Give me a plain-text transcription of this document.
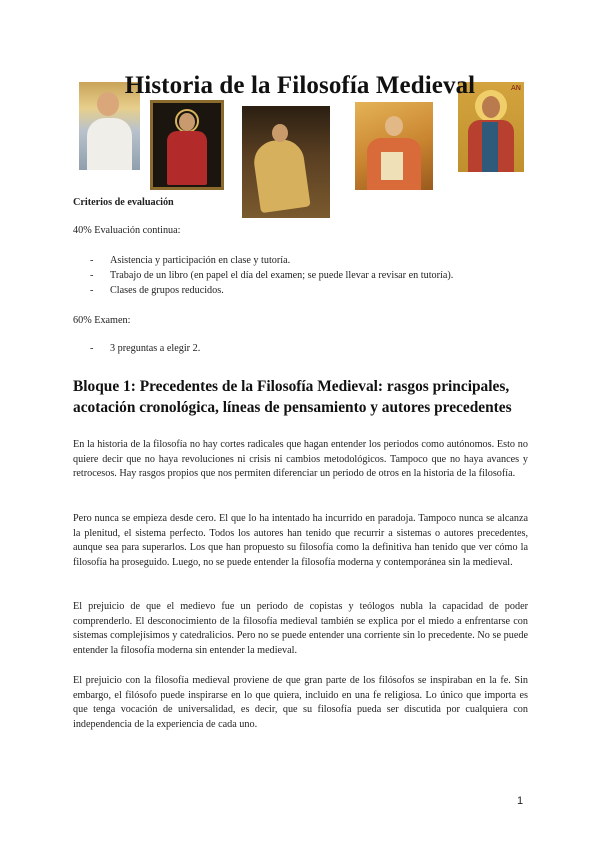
ΑΝ
Historia de la Filosofía Medieval
Criterios de evaluación
40% Evaluación continua:
- Asistencia y participación en clase y tutoría.
- Trabajo de un libro (en papel el día del examen; se puede llevar a revisar en tutoría).
- Clases de grupos reducidos.
60% Examen:
- 3 preguntas a elegir 2.
Bloque 1: Precedentes de la Filosofía Medieval: rasgos principales, acotación cronológica, líneas de pensamiento y autores precedentes
En la historia de la filosofía no hay cortes radicales que hagan entender los periodos como autónomos. Esto no quiere decir que no haya revoluciones ni crisis ni cambios metodológicos. Tampoco que no haya avances y retrocesos. Hay rasgos propios que nos permiten diferenciar un periodo de otros en la historia de la filosofía.
Pero nunca se empieza desde cero. El que lo ha intentado ha incurrido en paradoja. Tampoco nunca se alcanza la plenitud, el sistema perfecto. Todos los autores han tenido que recurrir a sistemas o autores precedentes, aunque sea para superarlos. Los que han propuesto su filosofía como la definitiva han tenido que ver cómo la filosofía ha proseguido. Luego, no se puede entender la filosofía moderna y contemporánea sin la medieval.
El prejuicio de que el medievo fue un periodo de copistas y teólogos nubla la capacidad de poder comprenderlo. El desconocimiento de la filosofía medieval también se explica por el miedo a enfrentarse con sistemas complejísimos y catedralicios. Pero no se puede entender una corriente sin lo precedente. No se puede entender la filosofía moderna sin entender la medieval.
El prejuicio con la filosofía medieval proviene de que gran parte de los filósofos se inspiraban en la fe. Sin embargo, el filósofo puede inspirarse en lo que quiera, incluido en una fe religiosa. Lo único que importa es que tenga vocación de universalidad, es decir, que su filosofía pueda ser discutida por cualquiera con independencia de la experiencia de cada uno.
1
